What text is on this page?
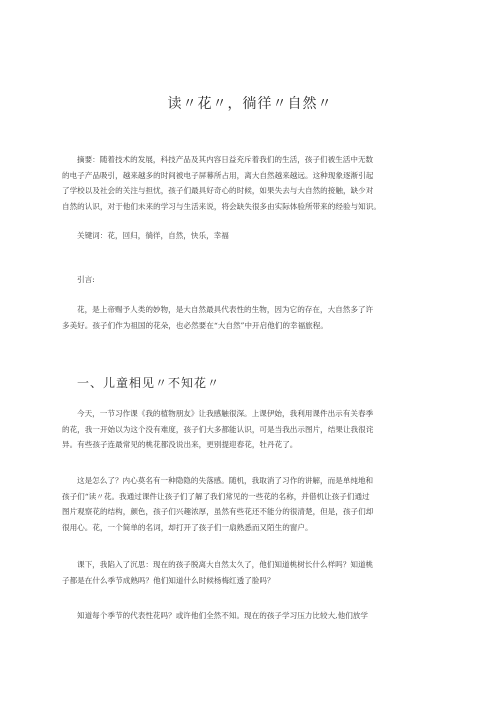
读〃花〃，徜徉〃自然〃
摘要：随着技术的发展，科技产品及其内容日益充斥着我们的生活，孩子们被生活中无数
的电子产品吸引，越来越多的时间被电子屏幕所占用，离大自然越来越远。这种现象逐渐引起
了学校以及社会的关注与担忧，孩子们最具好奇心的时候，如果失去与大自然的接触，缺少对
自然的认识，对于他们未来的学习与生活来说，将会缺失很多由实际体验所带来的经验与知识。
关键词：花，回归，徜徉，自然，快乐，幸福
引言:
花，是上帝赐予人类的妙物，是大自然最具代表性的生物，因为它的存在，大自然多了许
多美好。孩子们作为祖国的花朵，也必然要在“大自然”中开启他们的幸福旅程。
一、儿童相见〃不知花〃
今天，一节习作课《我的植物朋友》让我感触很深。上课伊始，我利用课件出示有关春季
的花，我一开始以为这个没有难度，孩子们大多都能认识，可是当我出示图片，结果让我很诧
异。有些孩子连最常见的桃花都没说出来，更别提迎春花，牡丹花了。
这是怎么了？内心莫名有一种隐隐的失落感。随机，我取消了习作的讲解，而是单纯地和
孩子们“读〃花。我通过课件让孩子们了解了我们常见的一些花的名称，并借机让孩子们通过
图片观察花的结构，颜色，孩子们兴趣浓厚，虽然有些花还不能分的很清楚，但是，孩子们却
很用心。花，一个简单的名词，却打开了孩子们一扇熟悉而又陌生的窗户。
课下，我陷入了沉思：现在的孩子脱离大自然太久了，他们知道桃树长什么样吗？知道桃
子都是在什么季节成熟吗？他们知道什么时候杨梅红透了脸吗？
知道每个季节的代表性花吗？或许他们全然不知。现在的孩子学习压力比较大,他们放学
